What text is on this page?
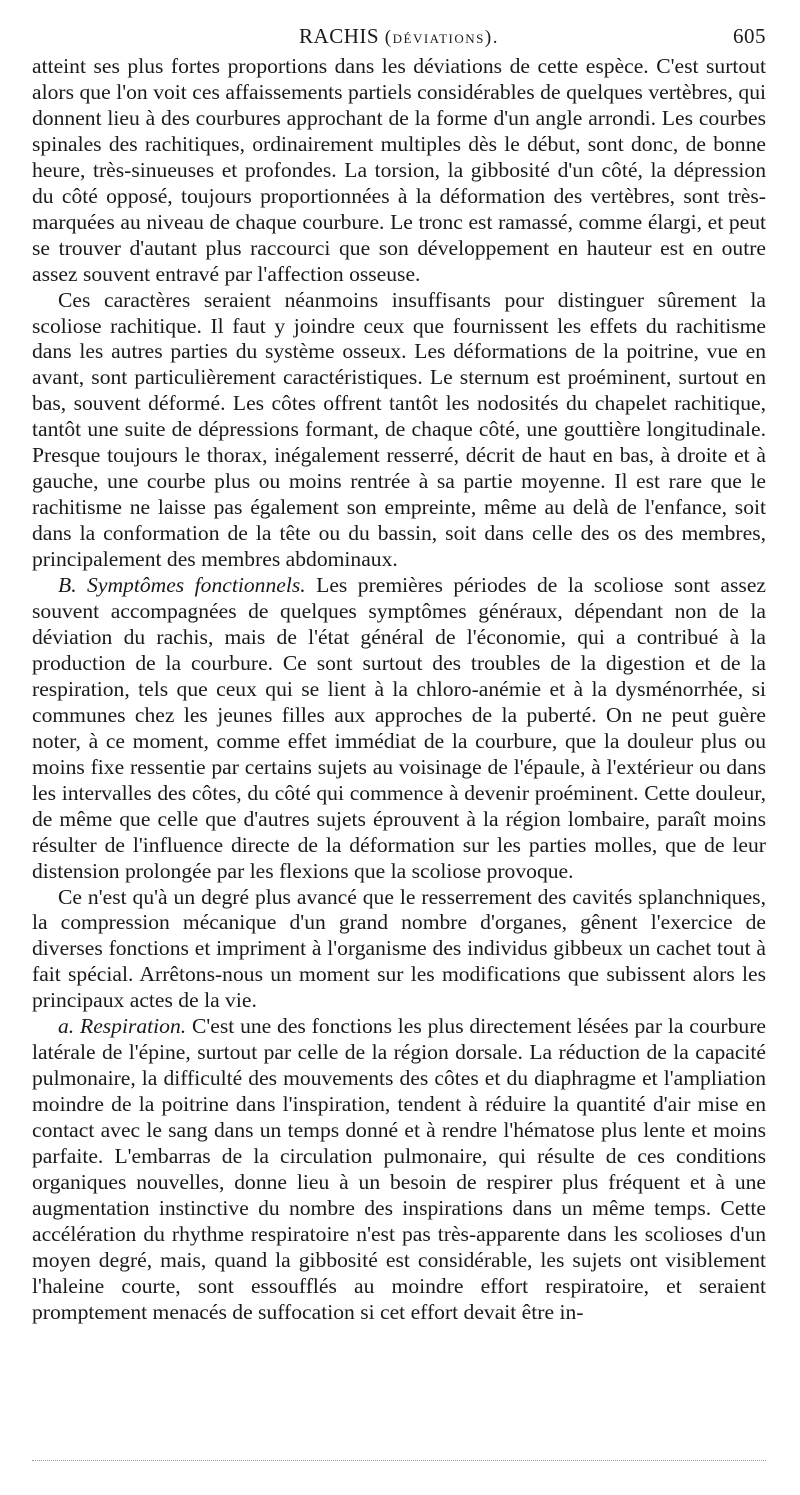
RACHIS (déviations).	605

atteint ses plus fortes proportions dans les déviations de cette espèce. C'est surtout alors que l'on voit ces affaissements partiels considérables de quelques vertèbres, qui donnent lieu à des courbures approchant de la forme d'un angle arrondi. Les courbes spinales des rachitiques, ordinairement multiples dès le début, sont donc, de bonne heure, très-sinueuses et profondes. La torsion, la gibbosité d'un côté, la dépression du côté opposé, toujours proportionnées à la déformation des vertèbres, sont très-marquées au niveau de chaque courbure. Le tronc est ramassé, comme élargi, et peut se trouver d'autant plus raccourci que son développement en hauteur est en outre assez souvent entravé par l'affection osseuse.

Ces caractères seraient néanmoins insuffisants pour distinguer sûrement la scoliose rachitique. Il faut y joindre ceux que fournissent les effets du rachitisme dans les autres parties du système osseux. Les déformations de la poitrine, vue en avant, sont particulièrement caractéristiques. Le sternum est proéminent, surtout en bas, souvent déformé. Les côtes offrent tantôt les nodosités du chapelet rachitique, tantôt une suite de dépressions formant, de chaque côté, une gouttière longitudinale. Presque toujours le thorax, inégalement resserré, décrit de haut en bas, à droite et à gauche, une courbe plus ou moins rentrée à sa partie moyenne. Il est rare que le rachitisme ne laisse pas également son empreinte, même au delà de l'enfance, soit dans la conformation de la tête ou du bassin, soit dans celle des os des membres, principalement des membres abdominaux.

B. Symptômes fonctionnels. Les premières périodes de la scoliose sont assez souvent accompagnées de quelques symptômes généraux, dépendant non de la déviation du rachis, mais de l'état général de l'économie, qui a contribué à la production de la courbure. Ce sont surtout des troubles de la digestion et de la respiration, tels que ceux qui se lient à la chloro-anémie et à la dysménorrhée, si communes chez les jeunes filles aux approches de la puberté. On ne peut guère noter, à ce moment, comme effet immédiat de la courbure, que la douleur plus ou moins fixe ressentie par certains sujets au voisinage de l'épaule, à l'extérieur ou dans les intervalles des côtes, du côté qui commence à devenir proéminent. Cette douleur, de même que celle que d'autres sujets éprouvent à la région lombaire, paraît moins résulter de l'influence directe de la déformation sur les parties molles, que de leur distension prolongée par les flexions que la scoliose provoque.

Ce n'est qu'à un degré plus avancé que le resserrement des cavités splanchniques, la compression mécanique d'un grand nombre d'organes, gênent l'exercice de diverses fonctions et impriment à l'organisme des individus gibbeux un cachet tout à fait spécial. Arrêtons-nous un moment sur les modifications que subissent alors les principaux actes de la vie.

a. Respiration. C'est une des fonctions les plus directement lésées par la courbure latérale de l'épine, surtout par celle de la région dorsale. La réduction de la capacité pulmonaire, la difficulté des mouvements des côtes et du diaphragme et l'ampliation moindre de la poitrine dans l'inspiration, tendent à réduire la quantité d'air mise en contact avec le sang dans un temps donné et à rendre l'hématose plus lente et moins parfaite. L'embarras de la circulation pulmonaire, qui résulte de ces conditions organiques nouvelles, donne lieu à un besoin de respirer plus fréquent et à une augmentation instinctive du nombre des inspirations dans un même temps. Cette accélération du rhythme respiratoire n'est pas très-apparente dans les scolioses d'un moyen degré, mais, quand la gibbosité est considérable, les sujets ont visiblement l'haleine courte, sont essoufflés au moindre effort respiratoire, et seraient promptement menacés de suffocation si cet effort devait être in-
